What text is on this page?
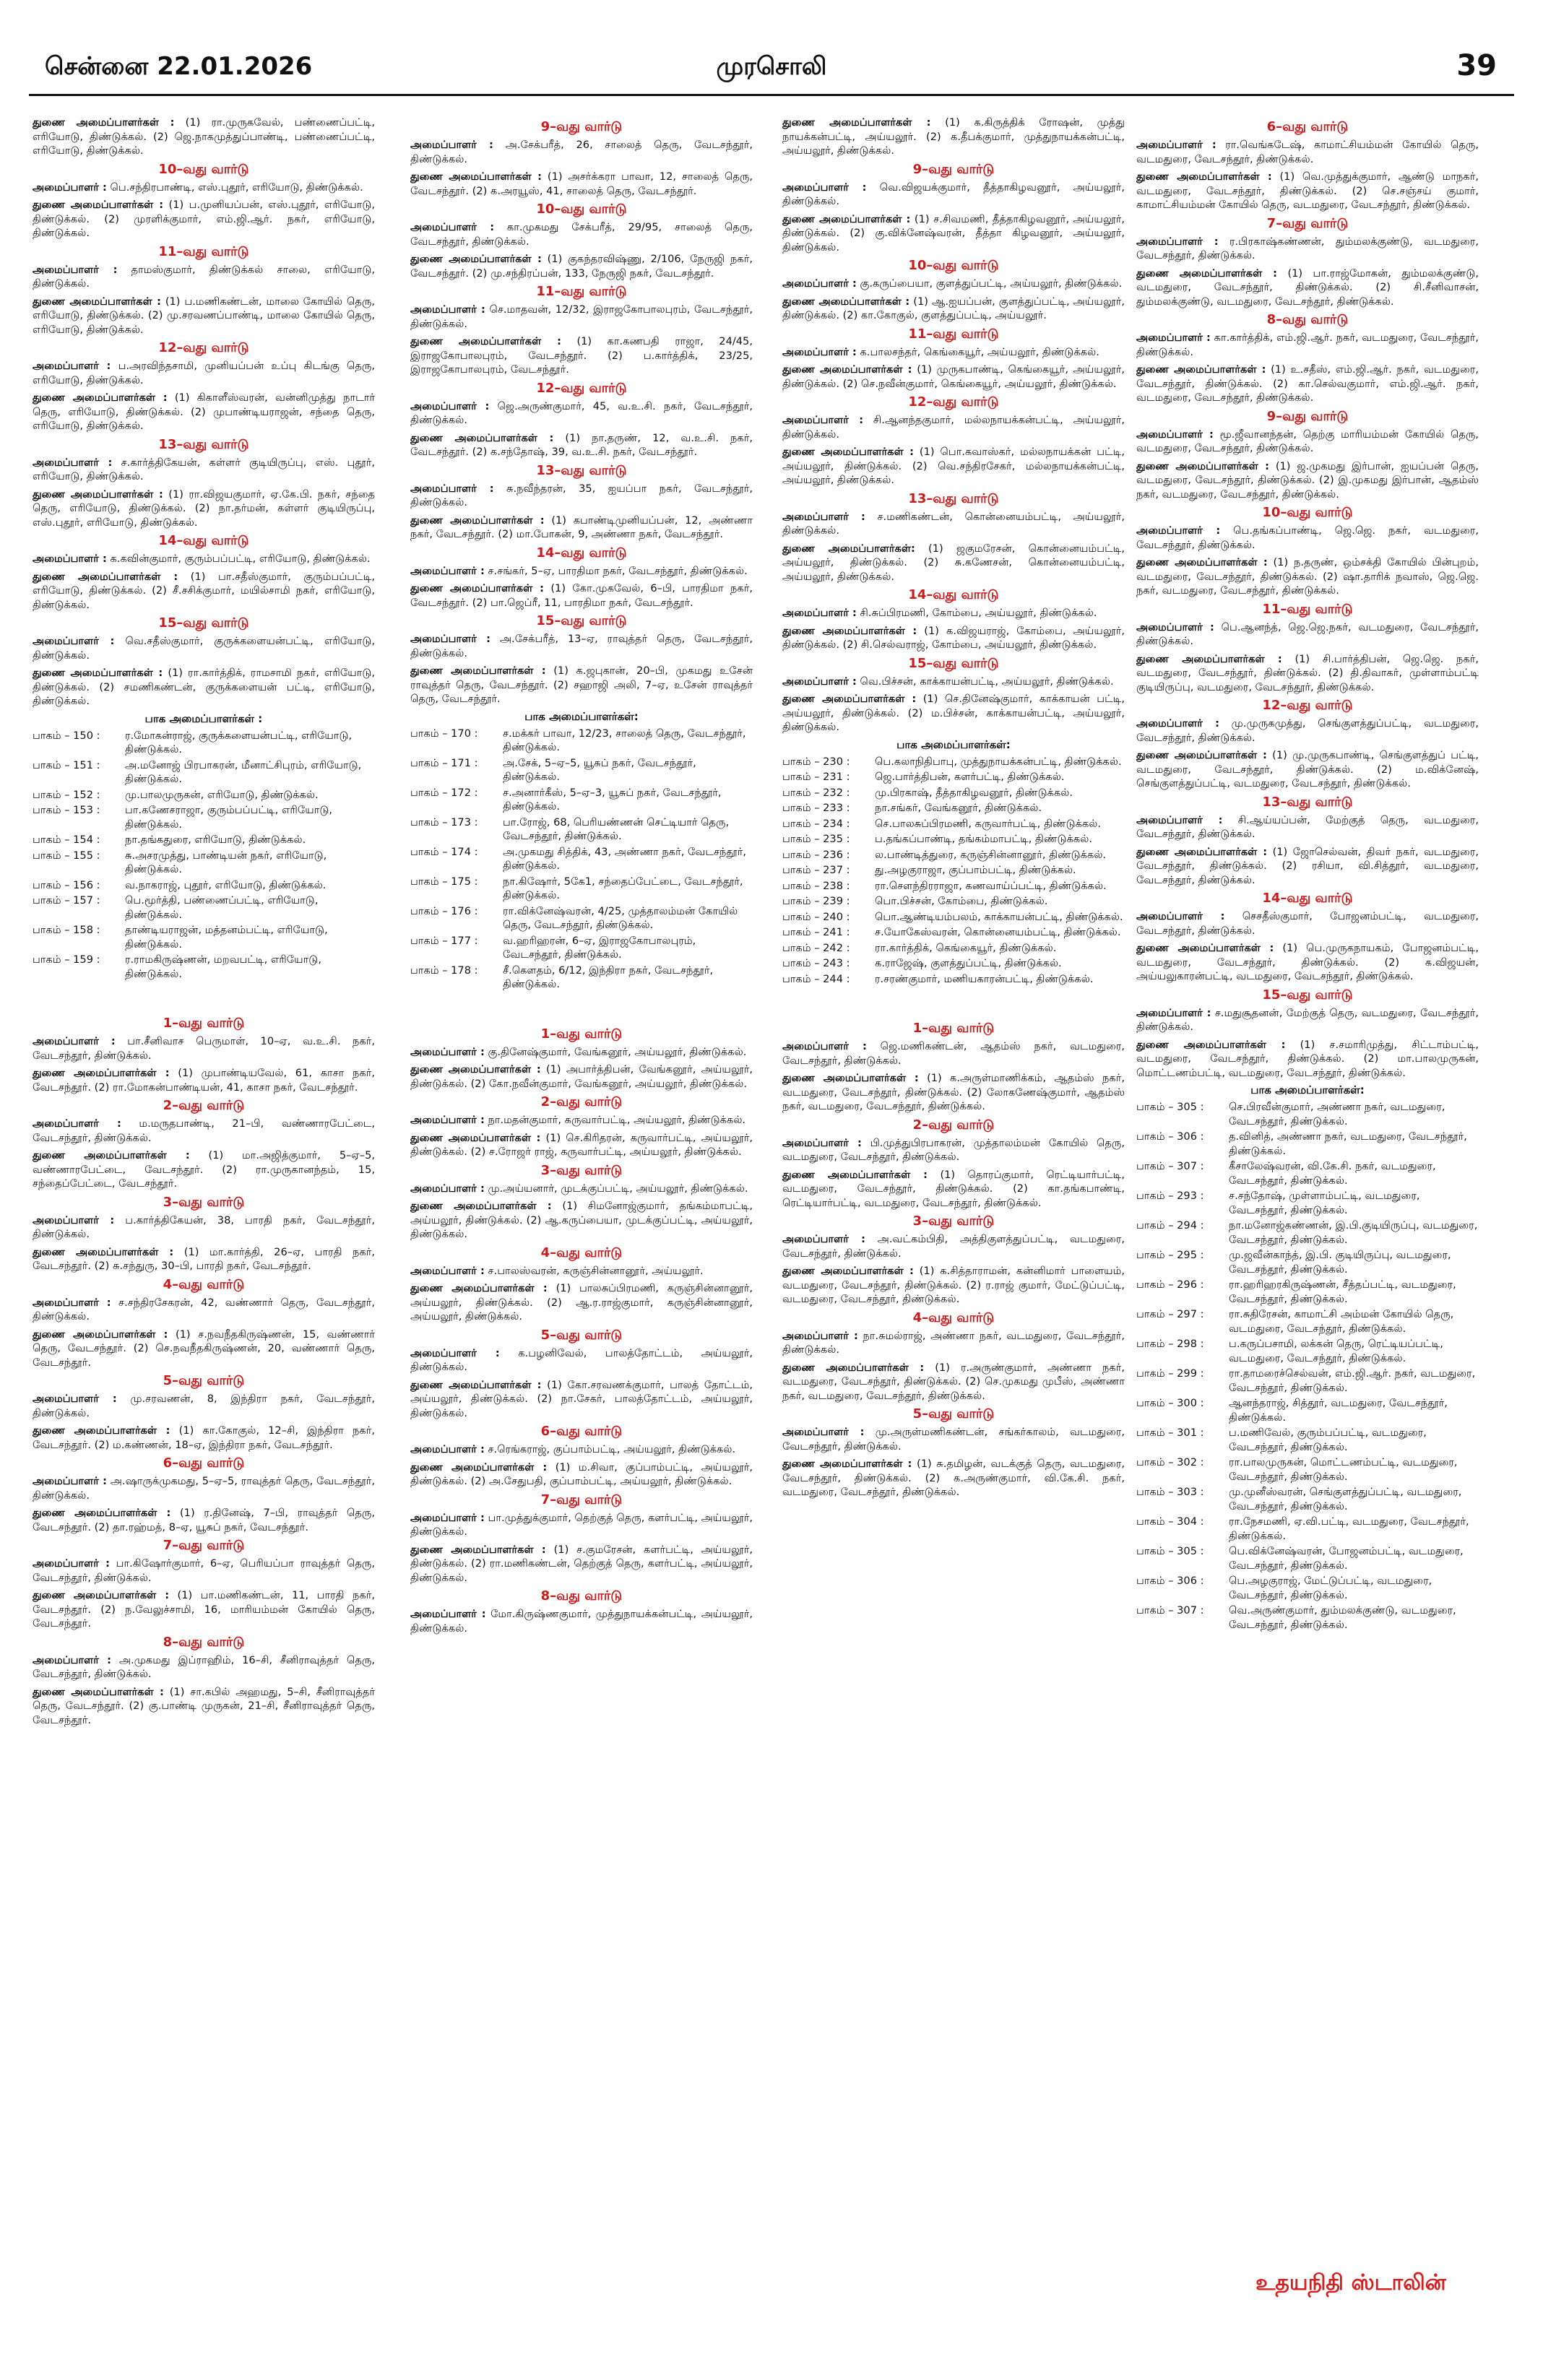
சென்னை 22.01.2026	முரசொலி	39
துணை அமைப்பாளர்கள் : (1) ரா.முருகவேல், பண்ணைப்பட்டி, எரியோடு, திண்டுக்கல். (2) ஜெ.நாகமுத்துப்பாண்டி, பண்ணைப்பட்டி, எரியோடு, திண்டுக்கல்.
10–வது வார்டு
அமைப்பாளர் : பெ.சந்திரபாண்டி, எஸ்.புதூர், எரியோடு, திண்டுக்கல்.
துணை அமைப்பாளர்கள் : (1) ப.முனியப்பன், எஸ்.புதூர், எரியோடு, திண்டுக்கல். (2) முரளிக்குமார், எம்.ஜி.ஆர். நகர், எரியோடு, திண்டுக்கல்.
11–வது வார்டு
அமைப்பாளர் : தாமஸ்குமார், திண்டுக்கல் சாலை, எரியோடு, திண்டுக்கல்.
துணை அமைப்பாளர்கள் : (1) ப.மணிகண்டன், மாலை கோயில் தெரு, எரியோடு, திண்டுக்கல். (2) மு.சரவணப்பாண்டி, மாலை கோயில் தெரு, எரியோடு, திண்டுக்கல்.
12–வது வார்டு
அமைப்பாளர் : ப.அரவிந்தசாமி, முனியப்பன் உப்பு கிடங்கு தெரு, எரியோடு, திண்டுக்கல்.
துணை அமைப்பாளர்கள் : (1) கிகாளீஸ்வரன், வன்னிமுத்து நாடார் தெரு, எரியோடு, திண்டுக்கல். (2) முபாண்டியராஜன், சந்தை தெரு, எரியோடு, திண்டுக்கல்.
13–வது வார்டு
அமைப்பாளர் : ச.கார்த்திகேயன், கள்ளர் குடியிருப்பு, எஸ். புதூர், எரியோடு, திண்டுக்கல்.
துணை அமைப்பாளர்கள் : (1) ரா.விஜயகுமார், ஏ.கே.பி. நகர், சந்தை தெரு, எரியோடு, திண்டுக்கல். (2) நா.தர்மன், கள்ளர் குடியிருப்பு, எஸ்.புதூர், எரியோடு, திண்டுக்கல்.
14–வது வார்டு
அமைப்பாளர் : க.கவின்குமார், குரும்பப்பட்டி, எரியோடு, திண்டுக்கல்.
துணை அமைப்பாளர்கள் : (1) பா.சதீஸ்குமார், குரும்பப்பட்டி, எரியோடு, திண்டுக்கல். (2) சீ.சசிக்குமார், மயில்சாமி நகர், எரியோடு, திண்டுக்கல்.
15–வது வார்டு
அமைப்பாளர் : வெ.சதீஸ்குமார், குருக்களையன்பட்டி, எரியோடு, திண்டுக்கல்.
துணை அமைப்பாளர்கள் : (1) ரா.கார்த்திக், ராமசாமி நகர், எரியோடு, திண்டுக்கல். (2) சமணிகண்டன், குருக்களையன் பட்டி, எரியோடு, திண்டுக்கல்.
பாக அமைப்பாளர்கள் :
பாகம் – 150 :	ர.மோகன்ராஜ், குருக்களையன்பட்டி, எரியோடு, திண்டுக்கல்.
பாகம் – 151 :	அ.மனோஜ் பிரபாகரன், மீனாட்சிபுரம், எரியோடு, திண்டுக்கல்.
பாகம் – 152 :	மு.பாலமுருகன், எரியோடு, திண்டுக்கல்.
பாகம் – 153 :	பா.கணேசராஜா, குரும்பப்பட்டி, எரியோடு, திண்டுக்கல்.
பாகம் – 154 :	நா.தங்கதுரை, எரியோடு, திண்டுக்கல்.
பாகம் – 155 :	சு.அசரமுத்து, பாண்டியன் நகர், எரியோடு, திண்டுக்கல்.
பாகம் – 156 :	வ.நாகராஜ், புதூர், எரியோடு, திண்டுக்கல்.
பாகம் – 157 :	பெ.மூர்த்தி, பண்ணைப்பட்டி, எரியோடு, திண்டுக்கல்.
பாகம் – 158 :	தாண்டியராஜன், மத்தனம்பட்டி, எரியோடு, திண்டுக்கல்.
பாகம் – 159 :	ர.ராமகிருஷ்ணன், மறவபட்டி, எரியோடு, திண்டுக்கல்.
1–வது வார்டு
அமைப்பாளர் : பா.சீனிவாச பெருமாள், 10–ஏ, வ.உ.சி. நகர், வேடசந்தூர், திண்டுக்கல்.
துணை அமைப்பாளர்கள் : (1) முபாண்டியவேல், 61, காசா நகர், வேடசந்தூர். (2) ரா.மோகன்பாண்டியன், 41, காசா நகர், வேடசந்தூர்.
2–வது வார்டு
அமைப்பாளர் : ம.மருதபாண்டி, 21–பி, வண்ணாரபேட்டை, வேடசந்தூர், திண்டுக்கல்.
துணை அமைப்பாளர்கள் : (1) மா.அஜித்குமார், 5–ஏ–5, வண்ணாரபேட்டை, வேடசந்தூர். (2) ரா.முருகானந்தம், 15, சந்தைப்பேட்டை, வேடசந்தூர்.
3–வது வார்டு
அமைப்பாளர் : ப.கார்த்திகேயன், 38, பாரதி நகர், வேடசந்தூர், திண்டுக்கல்.
துணை அமைப்பாளர்கள் : (1) மா.கார்த்தி, 26–ஏ, பாரதி நகர், வேடசந்தூர். (2) சு.சந்துரு, 30–பி, பாரதி நகர், வேடசந்தூர்.
4–வது வார்டு
அமைப்பாளர் : ச.சந்திரசேகரன், 42, வண்ணார் தெரு, வேடசந்தூர், திண்டுக்கல்.
துணை அமைப்பாளர்கள் : (1) ச.நவநீதகிருஷ்ணன், 15, வண்ணார் தெரு, வேடசந்தூர். (2) செ.நவநீதகிருஷ்ணன், 20, வண்ணார் தெரு, வேடசந்தூர்.
5–வது வார்டு
அமைப்பாளர் : மு.சரவணன், 8, இந்திரா நகர், வேடசந்தூர், திண்டுக்கல்.
துணை அமைப்பாளர்கள் : (1) கா.கோகுல், 12–சி, இந்திரா நகர், வேடசந்தூர். (2) ம.கண்ணன், 18–ஏ, இந்திரா நகர், வேடசந்தூர்.
6–வது வார்டு
அமைப்பாளர் : அ.ஷாருக்முகமது, 5–ஏ–5, ராவுத்தர் தெரு, வேடசந்தூர், திண்டுக்கல்.
துணை அமைப்பாளர்கள் : (1) ர.தினேஷ், 7–பி, ராவுத்தர் தெரு, வேடசந்தூர். (2) தா.ரஹ்மத், 8–ஏ, யூசுப் நகர், வேடசந்தூர்.
7–வது வார்டு
அமைப்பாளர் : பா.கிஷோர்குமார், 6–ஏ, பெரியப்பா ராவுத்தர் தெரு, வேடசந்தூர், திண்டுக்கல்.
துணை அமைப்பாளர்கள் : (1) பா.மணிகண்டன், 11, பாரதி நகர், வேடசந்தூர். (2) ந.வேலுச்சாமி, 16, மாரியம்மன் கோயில் தெரு, வேடசந்தூர்.
8–வது வார்டு
அமைப்பாளர் : அ.முகமது இப்ராஹிம், 16–சி, சீனிராவுத்தர் தெரு, வேடசந்தூர், திண்டுக்கல்.
துணை அமைப்பாளர்கள் : (1) சா.கபில் அஹமது, 5–சி, சீனிராவுத்தர் தெரு, வேடசந்தூர். (2) கு.பாண்டி முருகன், 21–சி, சீனிராவுத்தர் தெரு, வேடசந்தூர்.
9–வது வார்டு
அமைப்பாளர் : அ.சேக்பரீத், 26, சாலைத் தெரு, வேடசந்தூர், திண்டுக்கல்.
துணை அமைப்பாளர்கள் : (1) அசர்க்கரா பாவா, 12, சாலைத் தெரு, வேடசந்தூர். (2) க.அரயூஸ், 41, சாலைத் தெரு, வேடசந்தூர்.
10–வது வார்டு
அமைப்பாளர் : கா.முகமது சேக்பரீத், 29/95, சாலைத் தெரு, வேடசந்தூர், திண்டுக்கல்.
துணை அமைப்பாளர்கள் : (1) குகந்தரவிஷ்ணு, 2/106, நேருஜி நகர், வேடசந்தூர். (2) மு.சந்திரப்பன், 133, நேருஜி நகர், வேடசந்தூர்.
11–வது வார்டு
அமைப்பாளர் : செ.மாதவன், 12/32, இராஜகோபாலபுரம், வேடசந்தூர், திண்டுக்கல்.
துணை அமைப்பாளர்கள் : (1) கா.கணபதி ராஜா, 24/45, இராஜகோபாலபுரம், வேடசந்தூர். (2) ப.கார்த்திக், 23/25, இராஜகோபாலபுரம், வேடசந்தூர்.
12–வது வார்டு
அமைப்பாளர் : ஜெ.அருண்குமார், 45, வ.உ.சி. நகர், வேடசந்தூர், திண்டுக்கல்.
துணை அமைப்பாளர்கள் : (1) நா.தருண், 12, வ.உ.சி. நகர், வேடசந்தூர். (2) க.சந்தோஷ், 39, வ.உ.சி. நகர், வேடசந்தூர்.
13–வது வார்டு
அமைப்பாளர் : சு.நவீந்தரன், 35, ஐயப்பா நகர், வேடசந்தூர், திண்டுக்கல்.
துணை அமைப்பாளர்கள் : (1) கபாண்டிமுனியப்பன், 12, அண்ணா நகர், வேடசந்தூர். (2) மா.போகன், 9, அண்ணா நகர், வேடசந்தூர்.
14–வது வார்டு
அமைப்பாளர் : ச.சங்கர், 5–ஏ, பாரதிமா நகர், வேடசந்தூர், திண்டுக்கல்.
துணை அமைப்பாளர்கள் : (1) கோ.முகவேல், 6–பி, பாரதிமா நகர், வேடசந்தூர். (2) பா.ஜெப்ரீ, 11, பாரதிமா நகர், வேடசந்தூர்.
15–வது வார்டு
அமைப்பாளர் : அ.சேக்பரீத், 13–ஏ, ராவுத்தர் தெரு, வேடசந்தூர், திண்டுக்கல்.
துணை அமைப்பாளர்கள் : (1) க.ஜபுகான், 20–பி, முகமது உசேன் ராவுத்தர் தெரு, வேடசந்தூர். (2) சஹாஜி அலி, 7–ஏ, உசேன் ராவுத்தர் தெரு, வேடசந்தூர்.
பாக அமைப்பாளர்கள்:
பாகம் – 170 :	ச.மக்கர் பாவா, 12/23, சாலைத் தெரு, வேடசந்தூர், திண்டுக்கல்.
பாகம் – 171 :	அ.சேக், 5–ஏ–5, யூசுப் நகர், வேடசந்தூர், திண்டுக்கல்.
பாகம் – 172 :	ச.அனார்கீஸ், 5–ஏ–3, யூசுப் நகர், வேடசந்தூர், திண்டுக்கல்.
பாகம் – 173 :	பா.ரோஜ், 68, பெரியண்ணன் செட்டியார் தெரு, வேடசந்தூர், திண்டுக்கல்.
பாகம் – 174 :	அ.முகமது சித்திக், 43, அண்ணா நகர், வேடசந்தூர், திண்டுக்கல்.
பாகம் – 175 :	நா.கிஷோர், 5கே1, சந்தைப்பேட்டை, வேடசந்தூர், திண்டுக்கல்.
பாகம் – 176 :	ரா.விக்னேஷ்வரன், 4/25, முத்தாலம்மன் கோயில் தெரு, வேடசந்தூர், திண்டுக்கல்.
பாகம் – 177 :	வ.ஹரிஹரன், 6–ஏ, இராஜகோபாலபுரம், வேடசந்தூர், திண்டுக்கல்.
பாகம் – 178 :	சீ.கௌதம், 6/12, இந்திரா நகர், வேடசந்தூர், திண்டுக்கல்.
1–வது வார்டு
அமைப்பாளர் : கு.தினேஷ்குமார், வேங்கனூர், அய்யலூர், திண்டுக்கல்.
துணை அமைப்பாளர்கள் : (1) அபார்த்திபன், வேங்கனூர், அய்யலூர், திண்டுக்கல். (2) கோ.நவீன்குமார், வேங்கனூர், அய்யலூர், திண்டுக்கல்.
2–வது வார்டு
அமைப்பாளர் : நா.மதன்குமார், கருவார்பட்டி, அய்யலூர், திண்டுக்கல்.
துணை அமைப்பாளர்கள் : (1) செ.கிரிதரன், கருவார்பட்டி, அய்யலூர், திண்டுக்கல். (2) ச.ரோஜர் ராஜ், கருவார்பட்டி, அய்யலூர், திண்டுக்கல்.
3–வது வார்டு
அமைப்பாளர் : மு.அய்யனார், முடக்குப்பட்டி, அய்யலூர், திண்டுக்கல்.
துணை அமைப்பாளர்கள் : (1) சிமனோஜ்குமார், தங்கம்மாபட்டி, அய்யலூர், திண்டுக்கல். (2) ஆ.கருப்பையா, முடக்குப்பட்டி, அய்யலூர், திண்டுக்கல்.
4–வது வார்டு
அமைப்பாளர் : ச.பாலஸ்வரன், கருஞ்சின்னானூர், அய்யலூர்.
துணை அமைப்பாளர்கள் : (1) பாலசுப்பிரமணி, கருஞ்சின்னானூர், அய்யலூர், திண்டுக்கல். (2) ஆ.ர.ராஜ்குமார், கருஞ்சின்னானூர், அய்யலூர், திண்டுக்கல்.
5–வது வார்டு
அமைப்பாளர் : க.பழனிவேல், பாலத்தோட்டம், அய்யலூர், திண்டுக்கல்.
துணை அமைப்பாளர்கள் : (1) கோ.சரவணக்குமார், பாலத் தோட்டம், அய்யலூர், திண்டுக்கல். (2) நா.சேகர், பாலத்தோட்டம், அய்யலூர், திண்டுக்கல்.
6–வது வார்டு
அமைப்பாளர் : ச.ரெங்கராஜ், குப்பாம்பட்டி, அய்யலூர், திண்டுக்கல்.
துணை அமைப்பாளர்கள் : (1) ம.சிவா, குப்பாம்பட்டி, அய்யலூர், திண்டுக்கல். (2) அ.சேதுபதி, குப்பாம்பட்டி, அய்யலூர், திண்டுக்கல்.
7–வது வார்டு
அமைப்பாளர் : பா.முத்துக்குமார், தெற்குத் தெரு, களர்பட்டி, அய்யலூர், திண்டுக்கல்.
துணை அமைப்பாளர்கள் : (1) ச.குமரேசன், களர்பட்டி, அய்யலூர், திண்டுக்கல். (2) ரா.மணிகண்டன், தெற்குத் தெரு, களர்பட்டி, அய்யலூர், திண்டுக்கல்.
8–வது வார்டு
அமைப்பாளர் : மோ.கிருஷ்ணகுமார், முத்துநாயக்கன்பட்டி, அய்யலூர், திண்டுக்கல்.
துணை அமைப்பாளர்கள் : (1) க.கிருத்திக் ரோஷன், முத்து நாயக்கன்பட்டி, அய்யலூர். (2) க.தீபக்குமார், முத்துநாயக்கன்பட்டி, அய்யலூர், திண்டுக்கல்.
9–வது வார்டு
அமைப்பாளர் : வெ.விஜயக்குமார், தீத்தாகிழவனூர், அய்யலூர், திண்டுக்கல்.
துணை அமைப்பாளர்கள் : (1) ச.சிவமணி, தீத்தாகிழவனூர், அய்யலூர், திண்டுக்கல். (2) கு.விக்னேஷ்வரன், தீத்தா கிழவனூர், அய்யலூர், திண்டுக்கல்.
10–வது வார்டு
அமைப்பாளர் : கு.கருப்பையா, குளத்துப்பட்டி, அய்யலூர், திண்டுக்கல்.
துணை அமைப்பாளர்கள் : (1) ஆ.ஐயப்பன், குளத்துப்பட்டி, அய்யலூர், திண்டுக்கல். (2) கா.கோகுல், குளத்துப்பட்டி, அய்யலூர்.
11–வது வார்டு
அமைப்பாளர் : க.பாலசந்தர், கெங்கையூர், அய்யலூர், திண்டுக்கல்.
துணை அமைப்பாளர்கள் : (1) முருகபாண்டி, கெங்கையூர், அய்யலூர், திண்டுக்கல். (2) செ.நவீன்குமார், கெங்கையூர், அய்யலூர், திண்டுக்கல்.
12–வது வார்டு
அமைப்பாளர் : சி.ஆனந்தகுமார், மல்லநாயக்கன்பட்டி, அய்யலூர், திண்டுக்கல்.
துணை அமைப்பாளர்கள் : (1) பொ.கவாஸ்கர், மல்லநாயக்கன் பட்டி, அய்யலூர், திண்டுக்கல். (2) வெ.சந்திரசேகர், மல்லநாயக்கன்பட்டி, அய்யலூர், திண்டுக்கல்.
13–வது வார்டு
அமைப்பாளர் : ச.மணிகண்டன், கொன்னையம்பட்டி, அய்யலூர், திண்டுக்கல்.
துணை அமைப்பாளர்கள்: (1) ஜகுமரேசன், கொன்னையம்பட்டி, அய்யலூர், திண்டுக்கல். (2) சு.கணேசன், கொன்னையம்பட்டி, அய்யலூர், திண்டுக்கல்.
14–வது வார்டு
அமைப்பாளர் : சி.சுப்பிரமணி, கோம்பை, அய்யலூர், திண்டுக்கல்.
துணை அமைப்பாளர்கள் : (1) க.விஜயராஜ், கோம்பை, அய்யலூர், திண்டுக்கல். (2) சி.செல்வராஜ், கோம்பை, அய்யலூர், திண்டுக்கல்.
15–வது வார்டு
அமைப்பாளர் : வெ.பிச்சன், காக்காயன்பட்டி, அய்யலூர், திண்டுக்கல்.
துணை அமைப்பாளர்கள் : (1) செ.தினேஷ்குமார், காக்காயன் பட்டி, அய்யலூர், திண்டுக்கல். (2) ம.பிச்சன், காக்காயன்பட்டி, அய்யலூர், திண்டுக்கல்.
பாக அமைப்பாளர்கள்:
பாகம் – 230 :	பெ.கலாநிதிபாபு, முத்துநாயக்கன்பட்டி, திண்டுக்கல்.
பாகம் – 231 :	ஜெ.பார்த்திபன், களர்பட்டி, திண்டுக்கல்.
பாகம் – 232 :	மு.பிரகாஷ், தீத்தாகிழவனூர், திண்டுக்கல்.
பாகம் – 233 :	நா.சங்கர், வேங்கனூர், திண்டுக்கல்.
பாகம் – 234 :	செ.பாலசுப்பிரமணி, கருவார்பட்டி, திண்டுக்கல்.
பாகம் – 235 :	ப.தங்கப்பாண்டி, தங்கம்மாபட்டி, திண்டுக்கல்.
பாகம் – 236 :	ல.பாண்டித்துரை, கருஞ்சின்னானூர், திண்டுக்கல்.
பாகம் – 237 :	து.அழகுராஜா, குப்பாம்பட்டி, திண்டுக்கல்.
பாகம் – 238 :	ரா.சௌந்திரராஜா, கணவாய்ப்பட்டி, திண்டுக்கல்.
பாகம் – 239 :	பொ.பிச்சன், கோம்பை, திண்டுக்கல்.
பாகம் – 240 :	பொ.ஆண்டியம்பலம், காக்காயன்பட்டி, திண்டுக்கல்.
பாகம் – 241 :	ச.யோகேஸ்வரன், கொன்னையம்பட்டி, திண்டுக்கல்.
பாகம் – 242 :	ரா.கார்த்திக், கெங்கையூர், திண்டுக்கல்.
பாகம் – 243 :	க.ராஜேஷ், குளத்துப்பட்டி, திண்டுக்கல்.
பாகம் – 244 :	ர.சரண்குமார், மணியகாரன்பட்டி, திண்டுக்கல்.
1–வது வார்டு
அமைப்பாளர் : ஜெ.மணிகண்டன், ஆதம்ஸ் நகர், வடமதுரை, வேடசந்தூர், திண்டுக்கல்.
துணை அமைப்பாளர்கள் : (1) க.அருள்மாணிக்கம், ஆதம்ஸ் நகர், வடமதுரை, வேடசந்தூர், திண்டுக்கல். (2) லோகணேஷ்குமார், ஆதம்ஸ் நகர், வடமதுரை, வேடசந்தூர், திண்டுக்கல்.
2–வது வார்டு
அமைப்பாளர் : பி.முத்துபிரபாகரன், முத்தாலம்மன் கோயில் தெரு, வடமதுரை, வேடசந்தூர், திண்டுக்கல்.
துணை அமைப்பாளர்கள் : (1) தொரப்குமார், ரெட்டியார்பட்டி, வடமதுரை, வேடசந்தூர், திண்டுக்கல். (2) கா.தங்கபாண்டி, ரெட்டியார்பட்டி, வடமதுரை, வேடசந்தூர், திண்டுக்கல்.
3–வது வார்டு
அமைப்பாளர் : அ.வட்கம்பிதி, அத்திகுளத்துப்பட்டி, வடமதுரை, வேடசந்தூர், திண்டுக்கல்.
துணை அமைப்பாளர்கள் : (1) க.சித்தாராமன், கன்னிமார் பாளையம், வடமதுரை, வேடசந்தூர், திண்டுக்கல். (2) ர.ராஜ் குமார், மேட்டுப்பட்டி, வடமதுரை, வேடசந்தூர், திண்டுக்கல்.
4–வது வார்டு
அமைப்பாளர் : நா.சுமல்ராஜ், அண்ணா நகர், வடமதுரை, வேடசந்தூர், திண்டுக்கல்.
துணை அமைப்பாளர்கள் : (1) ர.அருண்குமார், அண்ணா நகர், வடமதுரை, வேடசந்தூர், திண்டுக்கல். (2) செ.முகமது முபீஸ், அண்ணா நகர், வடமதுரை, வேடசந்தூர், திண்டுக்கல்.
5–வது வார்டு
அமைப்பாளர் : மு.அருள்மணிகண்டன், சங்கர்காலம், வடமதுரை, வேடசந்தூர், திண்டுக்கல்.
துணை அமைப்பாளர்கள் : (1) சு.தமிழன், வடக்குத் தெரு, வடமதுரை, வேடசந்தூர், திண்டுக்கல். (2) க.அருண்குமார், வி.கே.சி. நகர், வடமதுரை, வேடசந்தூர், திண்டுக்கல்.
6–வது வார்டு
அமைப்பாளர் : ரா.வெங்கடேஷ், காமாட்சியம்மன் கோயில் தெரு, வடமதுரை, வேடசந்தூர், திண்டுக்கல்.
துணை அமைப்பாளர்கள் : (1) வெ.முத்துக்குமார், ஆண்டு மாநகர், வடமதுரை, வேடசந்தூர், திண்டுக்கல். (2) செ.சஞ்சய் குமார், காமாட்சியம்மன் கோயில் தெரு, வடமதுரை, வேடசந்தூர், திண்டுக்கல்.
7–வது வார்டு
அமைப்பாளர் : ர.பிரகாஷ்கண்ணன், தும்மலக்குண்டு, வடமதுரை, வேடசந்தூர், திண்டுக்கல்.
துணை அமைப்பாளர்கள் : (1) பா.ராஜ்மோகன், தும்மலக்குண்டு, வடமதுரை, வேடசந்தூர், திண்டுக்கல். (2) சி.சீனிவாசன், தும்மலக்குண்டு, வடமதுரை, வேடசந்தூர், திண்டுக்கல்.
8–வது வார்டு
அமைப்பாளர் : கா.கார்த்திக், எம்.ஜி.ஆர். நகர், வடமதுரை, வேடசந்தூர், திண்டுக்கல்.
துணை அமைப்பாளர்கள் : (1) உ.சதீஸ், எம்.ஜி.ஆர். நகர், வடமதுரை, வேடசந்தூர், திண்டுக்கல். (2) கா.செல்வகுமார், எம்.ஜி.ஆர். நகர், வடமதுரை, வேடசந்தூர், திண்டுக்கல்.
9–வது வார்டு
அமைப்பாளர் : மூ.ஜீவானந்தன், தெற்கு மாரியம்மன் கோயில் தெரு, வடமதுரை, வேடசந்தூர், திண்டுக்கல்.
துணை அமைப்பாளர்கள் : (1) ஜ.முகமது இர்பான், ஐயப்பன் தெரு, வடமதுரை, வேடசந்தூர், திண்டுக்கல். (2) இ.முகமது இர்பான், ஆதம்ஸ் நகர், வடமதுரை, வேடசந்தூர், திண்டுக்கல்.
10–வது வார்டு
அமைப்பாளர் : பெ.தங்கப்பாண்டி, ஜெ.ஜெ. நகர், வடமதுரை, வேடசந்தூர், திண்டுக்கல்.
துணை அமைப்பாளர்கள் : (1) ந.தருண், ஒம்சக்தி கோயில் பின்புறம், வடமதுரை, வேடசந்தூர், திண்டுக்கல். (2) ஷா.தாரிக் நவாஸ், ஜெ.ஜெ. நகர், வடமதுரை, வேடசந்தூர், திண்டுக்கல்.
11–வது வார்டு
அமைப்பாளர் : பெ.ஆனந்த், ஜெ.ஜெ.நகர், வடமதுரை, வேடசந்தூர், திண்டுக்கல்.
துணை அமைப்பாளர்கள் : (1) சி.பார்த்திபன், ஜெ.ஜெ. நகர், வடமதுரை, வேடசந்தூர், திண்டுக்கல். (2) தி.திவாகர், முள்ளாம்பட்டி குடியிருப்பு, வடமதுரை, வேடசந்தூர், திண்டுக்கல்.
12–வது வார்டு
அமைப்பாளர் : மு.முருகமுத்து, செங்குளத்துப்பட்டி, வடமதுரை, வேடசந்தூர், திண்டுக்கல்.
துணை அமைப்பாளர்கள் : (1) மு.முருகபாண்டி, செங்குளத்துப் பட்டி, வடமதுரை, வேடசந்தூர், திண்டுக்கல். (2) ம.விக்னேஷ், செங்குளத்துப்பட்டி, வடமதுரை, வேடசந்தூர், திண்டுக்கல்.
13–வது வார்டு
அமைப்பாளர் : சி.ஆய்யப்பன், மேற்குத் தெரு, வடமதுரை, வேடசந்தூர், திண்டுக்கல்.
துணை அமைப்பாளர்கள் : (1) ஜோசெல்வன், திவர் நகர், வடமதுரை, வேடசந்தூர், திண்டுக்கல். (2) ரசியா, வி.சித்தூர், வடமதுரை, வேடசந்தூர், திண்டுக்கல்.
14–வது வார்டு
அமைப்பாளர் : செசதீஸ்குமார், போஜனம்பட்டி, வடமதுரை, வேடசந்தூர், திண்டுக்கல்.
துணை அமைப்பாளர்கள் : (1) பெ.முருகநாயகம், போஜனம்பட்டி, வடமதுரை, வேடசந்தூர், திண்டுக்கல். (2) க.விஜயன், அய்யலுகாரன்பட்டி, வடமதுரை, வேடசந்தூர், திண்டுக்கல்.
15–வது வார்டு
அமைப்பாளர் : ச.மதுசூதனன், மேற்குத் தெரு, வடமதுரை, வேடசந்தூர், திண்டுக்கல்.
துணை அமைப்பாளர்கள் : (1) ச.சமாரிமுத்து, சிட்டாம்பட்டி, வடமதுரை, வேடசந்தூர், திண்டுக்கல். (2) மா.பாலமுருகன், மொட்டணம்பட்டி, வடமதுரை, வேடசந்தூர், திண்டுக்கல்.
பாக அமைப்பாளர்கள்:
பாகம் – 305 :	செ.பிரவீன்குமார், அண்ணா நகர், வடமதுரை, வேடசந்தூர், திண்டுக்கல்.
பாகம் – 306 :	த.வினித், அண்ணா நகர், வடமதுரை, வேடசந்தூர், திண்டுக்கல்.
பாகம் – 307 :	கீசாலேஷ்வரன், வி.கே.சி. நகர், வடமதுரை, வேடசந்தூர், திண்டுக்கல்.
பாகம் – 293 :	ச.சந்தோஷ், முள்ளாம்பட்டி, வடமதுரை, வேடசந்தூர், திண்டுக்கல்.
பாகம் – 294 :	நா.மனோஜ்கண்ணன், இ.பி.குடியிருப்பு, வடமதுரை, வேடசந்தூர், திண்டுக்கல்.
பாகம் – 295 :	மு.ஜவீன்காந்த், இ.பி. குடியிருப்பு, வடமதுரை, வேடசந்தூர், திண்டுக்கல்.
பாகம் – 296 :	ரா.ஹரிஹரகிருஷ்ணன், சீத்தப்பட்டி, வடமதுரை, வேடசந்தூர், திண்டுக்கல்.
பாகம் – 297 :	ரா.சுதிரேசன், காமாட்சி அம்மன் கோயில் தெரு, வடமதுரை, வேடசந்தூர், திண்டுக்கல்.
பாகம் – 298 :	ப.கருப்பசாமி, லக்கன் தெரு, ரெட்டியப்பட்டி, வடமதுரை, வேடசந்தூர், திண்டுக்கல்.
பாகம் – 299 :	ரா.தாமரைச்செல்வன், எம்.ஜி.ஆர். நகர், வடமதுரை, வேடசந்தூர், திண்டுக்கல்.
பாகம் – 300 :	ஆனந்தராஜ், சித்தூர், வடமதுரை, வேடசந்தூர், திண்டுக்கல்.
பாகம் – 301 :	ப.மணிவேல், குரும்பப்பட்டி, வடமதுரை, வேடசந்தூர், திண்டுக்கல்.
பாகம் – 302 :	ரா.பாலமுருகன், மொட்டணம்பட்டி, வடமதுரை, வேடசந்தூர், திண்டுக்கல்.
பாகம் – 303 :	மு.முனீஸ்வரன், செங்குளத்துப்பட்டி, வடமதுரை, வேடசந்தூர், திண்டுக்கல்.
பாகம் – 304 :	ரா.நேசமணி, ஏ.வி.பட்டி, வடமதுரை, வேடசந்தூர், திண்டுக்கல்.
பாகம் – 305 :	பெ.விக்னேஷ்வரன், போஜனம்பட்டி, வடமதுரை, வேடசந்தூர், திண்டுக்கல்.
பாகம் – 306 :	பெ.அழகுராஜ், மேட்டுப்பட்டி, வடமதுரை, வேடசந்தூர், திண்டுக்கல்.
பாகம் – 307 :	வெ.அருண்குமார், தும்மலக்குண்டு, வடமதுரை, வேடசந்தூர், திண்டுக்கல்.
உதயநிதி ஸ்டாலின்
